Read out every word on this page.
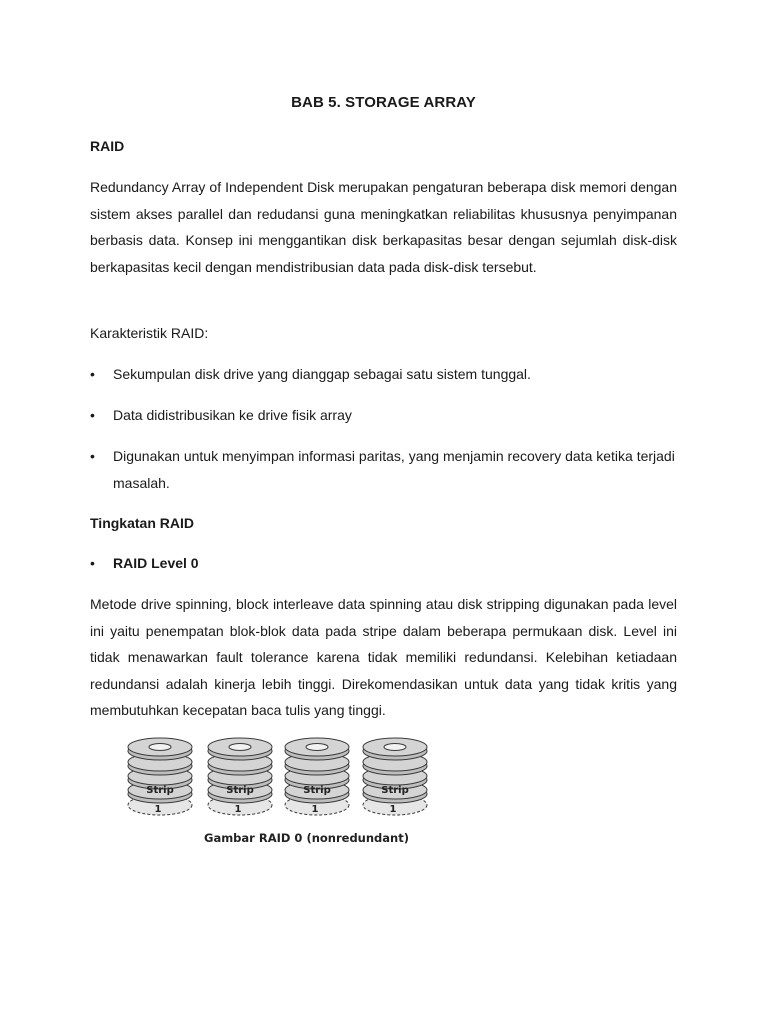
BAB 5. STORAGE ARRAY
RAID
Redundancy Array of Independent Disk merupakan pengaturan beberapa disk memori dengan sistem akses parallel dan redudansi guna meningkatkan reliabilitas khususnya penyimpanan berbasis data. Konsep ini menggantikan disk berkapasitas besar dengan sejumlah disk-disk berkapasitas kecil dengan mendistribusian data pada disk-disk tersebut.
Karakteristik RAID:
•	Sekumpulan disk drive yang dianggap sebagai satu sistem tunggal.
•	Data didistribusikan ke drive fisik array
•	Digunakan untuk menyimpan informasi paritas, yang menjamin recovery data ketika terjadi masalah.
Tingkatan RAID
•	RAID Level 0
Metode drive spinning, block interleave data spinning atau disk stripping digunakan pada level ini yaitu penempatan blok-blok data pada stripe dalam beberapa permukaan disk. Level ini tidak menawarkan fault tolerance karena tidak memiliki redundansi. Kelebihan ketiadaan redundansi adalah kinerja lebih tinggi. Direkomendasikan untuk data yang tidak kritis yang membutuhkan kecepatan baca tulis yang tinggi.
Strip
1
Strip
1
Strip
1
Strip
1
Gambar RAID 0 (nonredundant)
